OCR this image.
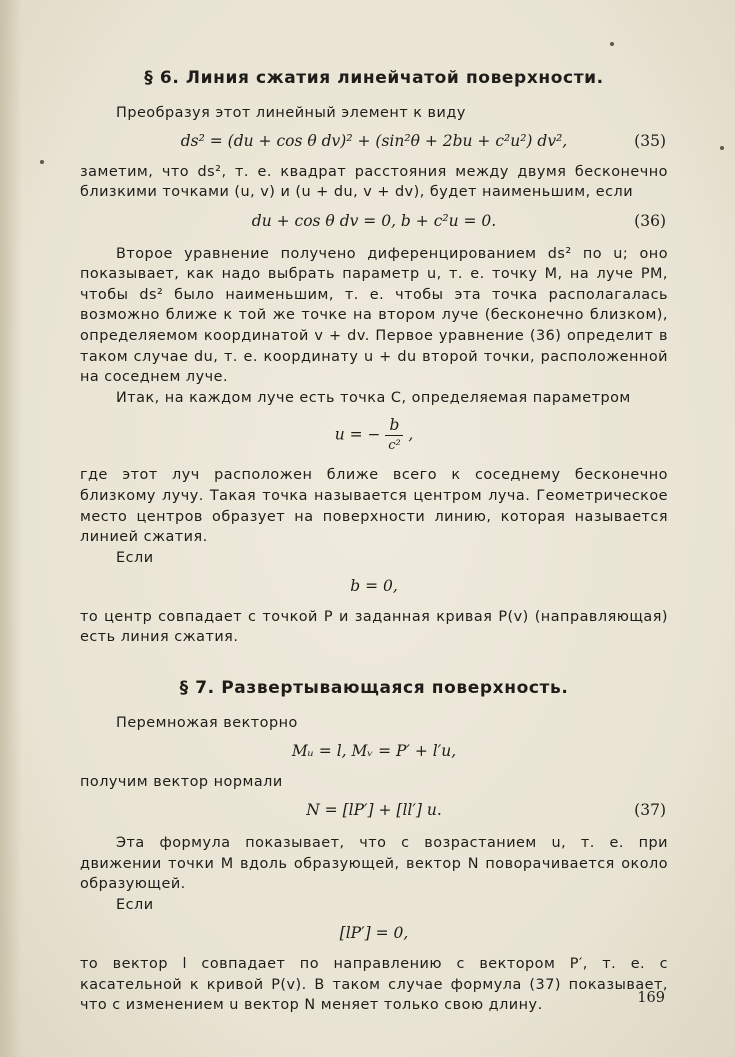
§ 6. Линия сжатия линейчатой поверхности.

Преобразуя этот линейный элемент к виду

ds² = (du + cos θ dv)² + (sin²θ + 2bu + c²u²) dv²,	(35)

заметим, что ds², т. е. квадрат расстояния между двумя бесконечно близкими точками (u, v) и (u + du, v + dv), будет наименьшим, если

du + cos θ dv = 0, b + c²u = 0.	(36)

Второе уравнение получено диференцированием ds² по u; оно показывает, как надо выбрать параметр u, т. е. точку M, на луче PM, чтобы ds² было наименьшим, т. е. чтобы эта точка располагалась возможно ближе к той же точке на втором луче (бесконечно близком), определяемом координатой v + dv. Первое уравнение (36) определит в таком случае du, т. е. координату u + du второй точки, расположенной на соседнем луче.

Итак, на каждом луче есть точка C, определяемая параметром

u = − $\frac{b}{\text{c²}}$ ,

где этот луч расположен ближе всего к соседнему бесконечно близкому лучу. Такая точка называется центром луча. Геометрическое место центров образует на поверхности линию, которая называется линией сжатия.

Если

b = 0,

то центр совпадает с точкой P и заданная кривая P(v) (направляющая) есть линия сжатия.

§ 7. Развертывающаяся поверхность.

Перемножая векторно

Mᵤ = l, Mᵥ = P′ + l′u,

получим вектор нормали

N = [lP′] + [ll′] u.	(37)

Эта формула показывает, что с возрастанием u, т. е. при движении точки M вдоль образующей, вектор N поворачивается около образующей.

Если

[lP′] = 0,

то вектор l совпадает по направлению с вектором P′, т. е. с касательной к кривой P(v). В таком случае формула (37) показывает, что с изменением u вектор N меняет только свою длину.	169
